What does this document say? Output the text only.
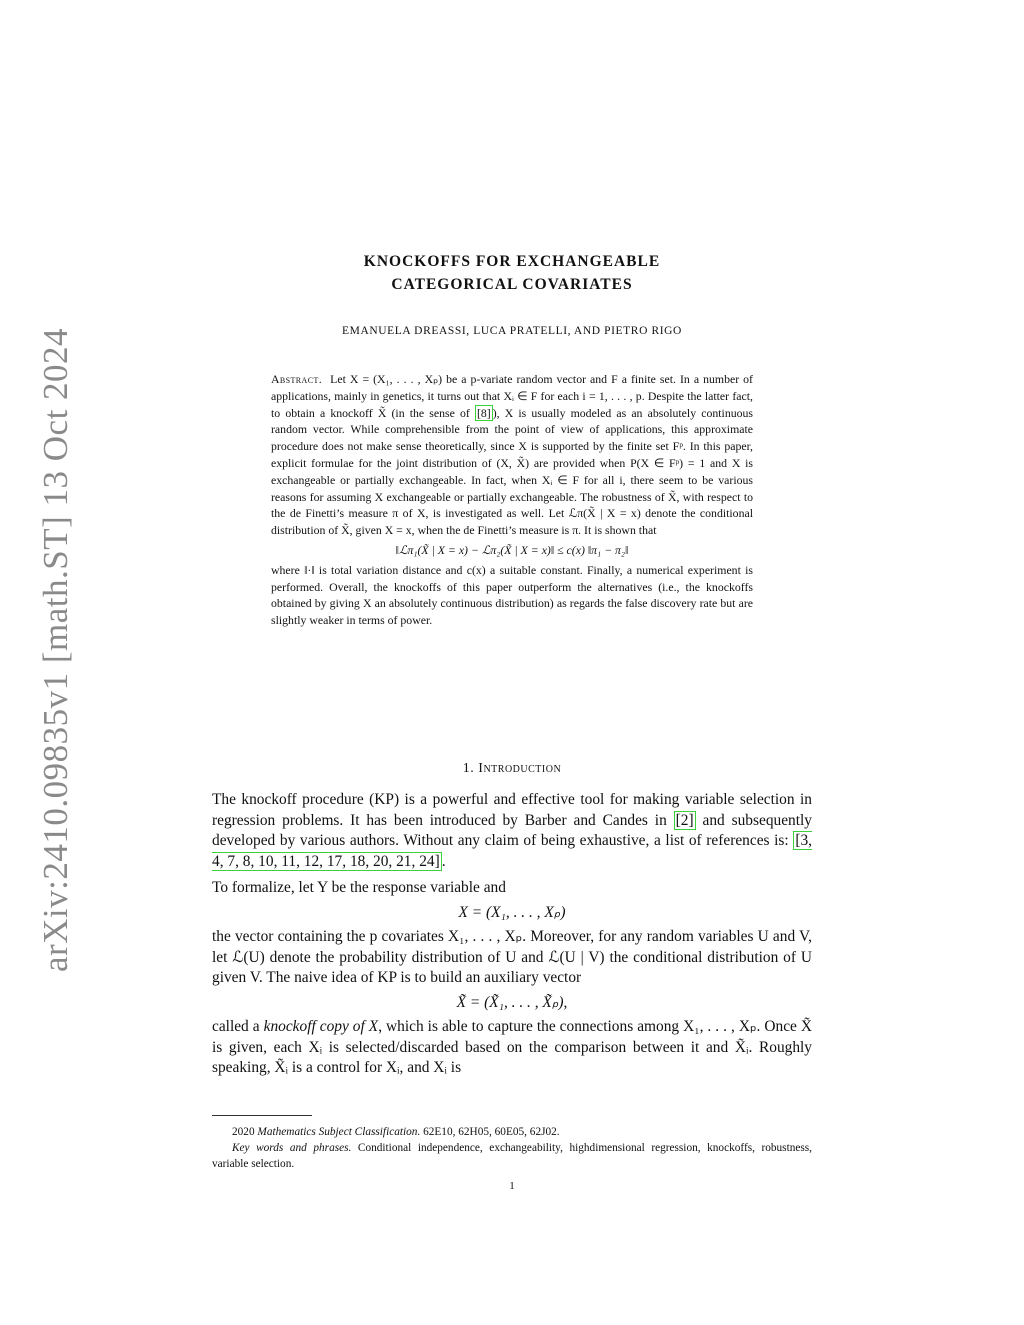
arXiv:2410.09835v1 [math.ST] 13 Oct 2024
KNOCKOFFS FOR EXCHANGEABLE
CATEGORICAL COVARIATES
EMANUELA DREASSI, LUCA PRATELLI, AND PIETRO RIGO

Abstract. Let X = (X₁, . . . , Xₚ) be a p-variate random vector and F a finite set. In a number of applications, mainly in genetics, it turns out that Xᵢ ∈ F for each i = 1, . . . , p. Despite the latter fact, to obtain a knockoff X̃ (in the sense of [8] ), X is usually modeled as an absolutely continuous random vector. While comprehensible from the point of view of applications, this approximate procedure does not make sense theoretically, since X is supported by the finite set Fᵖ. In this paper, explicit formulae for the joint distribution of (X, X̃) are provided when P(X ∈ Fᵖ) = 1 and X is exchangeable or partially exchangeable. In fact, when Xᵢ ∈ F for all i, there seem to be various reasons for assuming X exchangeable or partially exchangeable. The robustness of X̃, with respect to the de Finetti’s measure π of X, is investigated as well. Let ℒπ(X̃ | X = x) denote the conditional distribution of X̃, given X = x, when the de Finetti’s measure is π. It is shown that

‖ℒπ₁(X̃ | X = x) − ℒπ₂(X̃ | X = x)‖ ≤ c(x) ‖π₁ − π₂‖

where ‖·‖ is total variation distance and c(x) a suitable constant. Finally, a numerical experiment is performed. Overall, the knockoffs of this paper outperform the alternatives (i.e., the knockoffs obtained by giving X an absolutely continuous distribution) as regards the false discovery rate but are slightly weaker in terms of power.

1. Introduction

The knockoff procedure (KP) is a powerful and effective tool for making variable selection in regression problems. It has been introduced by Barber and Candes in [2] and subsequently developed by various authors. Without any claim of being exhaustive, a list of references is: [3, 4, 7, 8, 10, 11, 12, 17, 18, 20, 21, 24] .

To formalize, let Y be the response variable and

X = (X₁, . . . , Xₚ)

the vector containing the p covariates X₁, . . . , Xₚ. Moreover, for any random variables U and V, let ℒ(U) denote the probability distribution of U and ℒ(U | V) the conditional distribution of U given V. The naive idea of KP is to build an auxiliary vector

X̃ = (X̃₁, . . . , X̃ₚ),

called a knockoff copy of X, which is able to capture the connections among X₁, . . . , Xₚ. Once X̃ is given, each Xᵢ is selected/discarded based on the comparison between it and X̃ᵢ. Roughly speaking, X̃ᵢ is a control for Xᵢ, and Xᵢ is

2020 Mathematics Subject Classification. 62E10, 62H05, 60E05, 62J02.

Key words and phrases. Conditional independence, exchangeability, highdimensional regression, knockoffs, robustness, variable selection.

1
